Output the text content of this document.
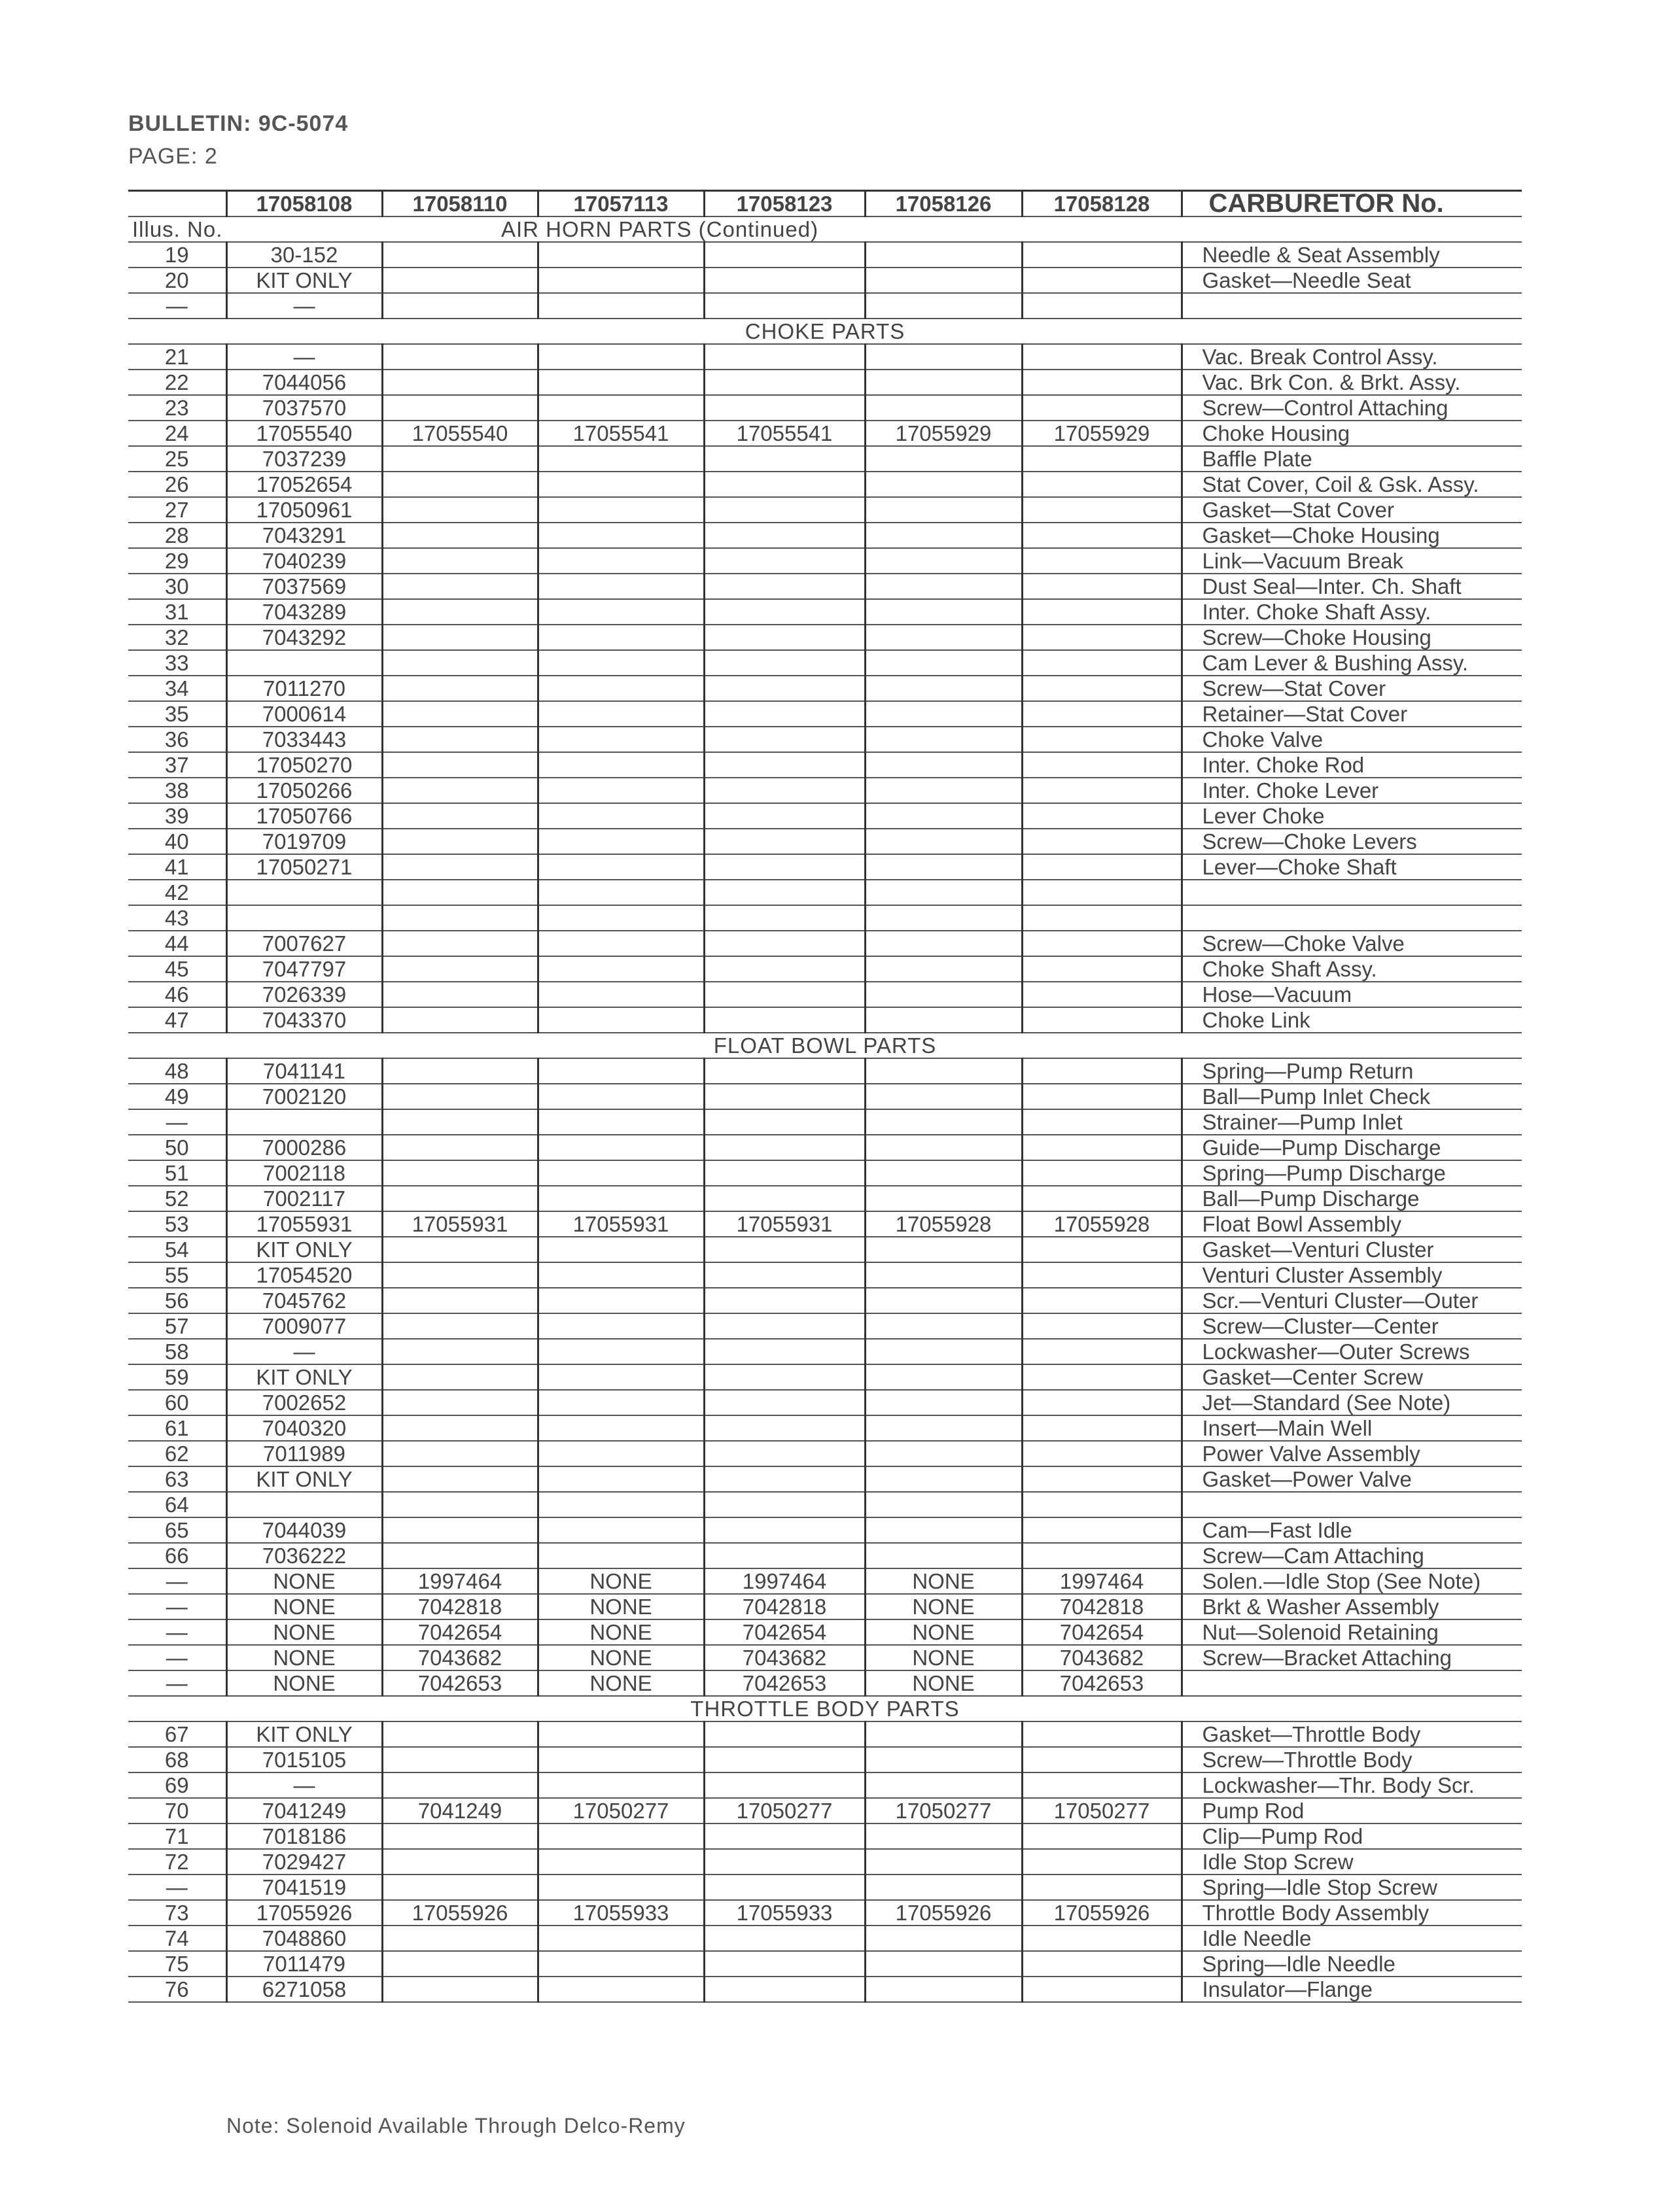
BULLETIN: 9C-5074
PAGE: 2
	17058108	17058110	17057113	17058123	17058126	17058128	CARBURETOR No.
Illus. No.	AIR HORN PARTS (Continued)						
19	30-152						Needle & Seat Assembly
20	KIT ONLY						Gasket—Needle Seat
—	—						
CHOKE PARTS							
21	—						Vac. Break Control Assy.
22	7044056						Vac. Brk Con. & Brkt. Assy.
23	7037570						Screw—Control Attaching
24	17055540	17055540	17055541	17055541	17055929	17055929	Choke Housing
25	7037239						Baffle Plate
26	17052654						Stat Cover, Coil & Gsk. Assy.
27	17050961						Gasket—Stat Cover
28	7043291						Gasket—Choke Housing
29	7040239						Link—Vacuum Break
30	7037569						Dust Seal—Inter. Ch. Shaft
31	7043289						Inter. Choke Shaft Assy.
32	7043292						Screw—Choke Housing
33							Cam Lever & Bushing Assy.
34	7011270						Screw—Stat Cover
35	7000614						Retainer—Stat Cover
36	7033443						Choke Valve
37	17050270						Inter. Choke Rod
38	17050266						Inter. Choke Lever
39	17050766						Lever Choke
40	7019709						Screw—Choke Levers
41	17050271						Lever—Choke Shaft
42							
43							
44	7007627						Screw—Choke Valve
45	7047797						Choke Shaft Assy.
46	7026339						Hose—Vacuum
47	7043370						Choke Link
FLOAT BOWL PARTS							
48	7041141						Spring—Pump Return
49	7002120						Ball—Pump Inlet Check
—							Strainer—Pump Inlet
50	7000286						Guide—Pump Discharge
51	7002118						Spring—Pump Discharge
52	7002117						Ball—Pump Discharge
53	17055931	17055931	17055931	17055931	17055928	17055928	Float Bowl Assembly
54	KIT ONLY						Gasket—Venturi Cluster
55	17054520						Venturi Cluster Assembly
56	7045762						Scr.—Venturi Cluster—Outer
57	7009077						Screw—Cluster—Center
58	—						Lockwasher—Outer Screws
59	KIT ONLY						Gasket—Center Screw
60	7002652						Jet—Standard (See Note)
61	7040320						Insert—Main Well
62	7011989						Power Valve Assembly
63	KIT ONLY						Gasket—Power Valve
64							
65	7044039						Cam—Fast Idle
66	7036222						Screw—Cam Attaching
—	NONE	1997464	NONE	1997464	NONE	1997464	Solen.—Idle Stop (See Note)
—	NONE	7042818	NONE	7042818	NONE	7042818	Brkt & Washer Assembly
—	NONE	7042654	NONE	7042654	NONE	7042654	Nut—Solenoid Retaining
—	NONE	7043682	NONE	7043682	NONE	7043682	Screw—Bracket Attaching
—	NONE	7042653	NONE	7042653	NONE	7042653	
THROTTLE BODY PARTS							
67	KIT ONLY						Gasket—Throttle Body
68	7015105						Screw—Throttle Body
69	—						Lockwasher—Thr. Body Scr.
70	7041249	7041249	17050277	17050277	17050277	17050277	Pump Rod
71	7018186						Clip—Pump Rod
72	7029427						Idle Stop Screw
—	7041519						Spring—Idle Stop Screw
73	17055926	17055926	17055933	17055933	17055926	17055926	Throttle Body Assembly
74	7048860						Idle Needle
75	7011479						Spring—Idle Needle
76	6271058						Insulator—Flange
Note: Solenoid Available Through Delco-Remy
